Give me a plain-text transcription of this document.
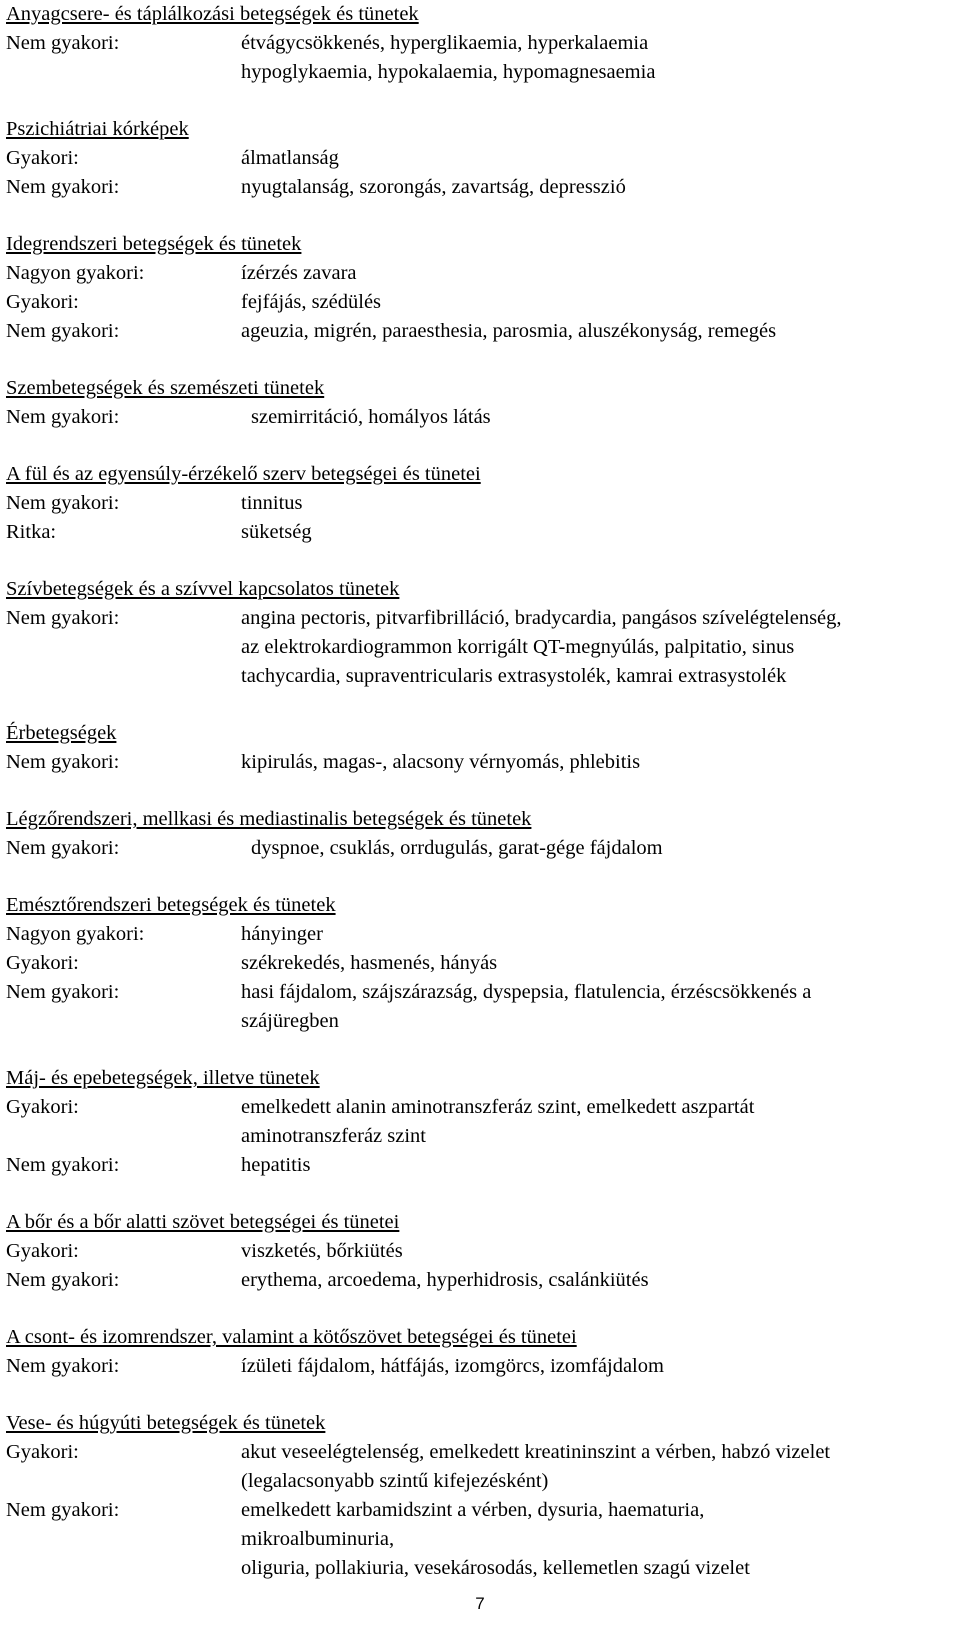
Anyagcsere- és táplálkozási betegségek és tünetek
Nem gyakori:	étvágycsökkenés, hyperglikaemia, hyperkalaemia
hypoglykaemia, hypokalaemia, hypomagnesaemia
Pszichiátriai kórképek
Gyakori:	álmatlanság
Nem gyakori:	nyugtalanság, szorongás, zavartság, depresszió
Idegrendszeri betegségek és tünetek
Nagyon gyakori:	ízérzés zavara
Gyakori:	fejfájás, szédülés
Nem gyakori:	ageuzia, migrén, paraesthesia, parosmia, aluszékonyság, remegés
Szembetegségek és szemészeti tünetek
Nem gyakori:	szemirritáció, homályos látás
A fül és az egyensúly-érzékelő szerv betegségei és tünetei
Nem gyakori:	tinnitus
Ritka:	süketség
Szívbetegségek és a szívvel kapcsolatos tünetek
Nem gyakori:	angina pectoris, pitvarfibrilláció, bradycardia, pangásos szívelégtelenség,
az elektrokardiogrammon korrigált QT-megnyúlás, palpitatio, sinus
tachycardia, supraventricularis extrasystolék, kamrai extrasystolék
Érbetegségek
Nem gyakori:	kipirulás, magas-, alacsony vérnyomás, phlebitis
Légzőrendszeri, mellkasi és mediastinalis betegségek és tünetek
Nem gyakori:	dyspnoe, csuklás, orrdugulás, garat-gége fájdalom
Emésztőrendszeri betegségek és tünetek
Nagyon gyakori:	hányinger
Gyakori:	székrekedés, hasmenés, hányás
Nem gyakori:	hasi fájdalom, szájszárazság, dyspepsia, flatulencia, érzéscsökkenés a
szájüregben
Máj- és epebetegségek, illetve tünetek
Gyakori:	emelkedett alanin aminotranszferáz szint, emelkedett aszpartát
aminotranszferáz szint
Nem gyakori:	hepatitis
A bőr és a bőr alatti szövet betegségei és tünetei
Gyakori:	viszketés, bőrkiütés
Nem gyakori:	erythema, arcoedema, hyperhidrosis, csalánkiütés
A csont- és izomrendszer, valamint a kötőszövet betegségei és tünetei
Nem gyakori:	ízületi fájdalom, hátfájás, izomgörcs, izomfájdalom
Vese- és húgyúti betegségek és tünetek
Gyakori:	akut veseelégtelenség, emelkedett kreatininszint a vérben, habzó vizelet
(legalacsonyabb szintű kifejezésként)
Nem gyakori:	emelkedett karbamidszint a vérben, dysuria, haematuria,
mikroalbuminuria,
oliguria, pollakiuria, vesekárosodás, kellemetlen szagú vizelet
7
